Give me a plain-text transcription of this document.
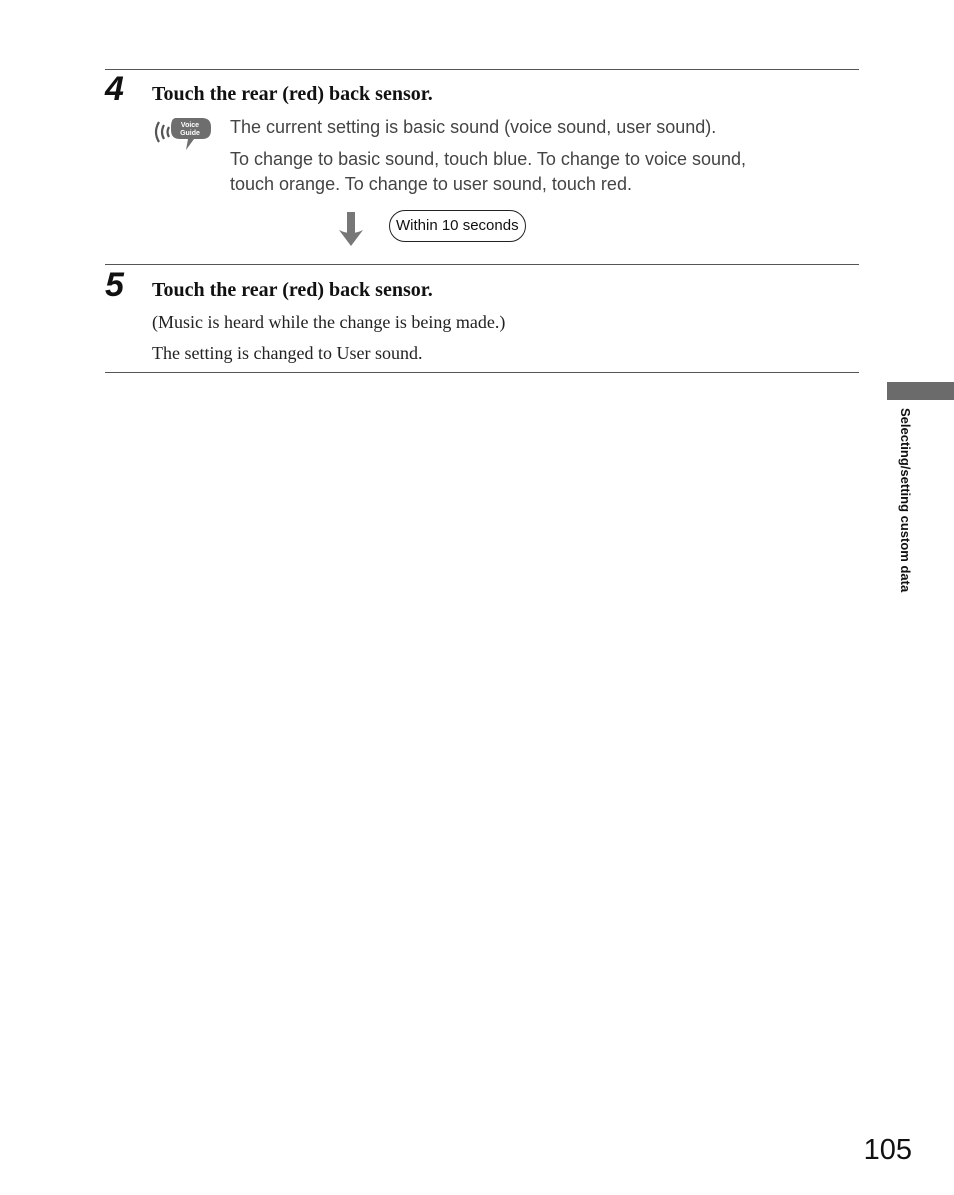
4 Touch the rear (red) back sensor.
Voice
Guide The current setting is basic sound (voice sound, user sound).
To change to basic sound, touch blue. To change to voice sound, touch orange. To change to user sound, touch red.
Within 10 seconds
5 Touch the rear (red) back sensor.
(Music is heard while the change is being made.)
The setting is changed to User sound.
Selecting/setting custom data
105
